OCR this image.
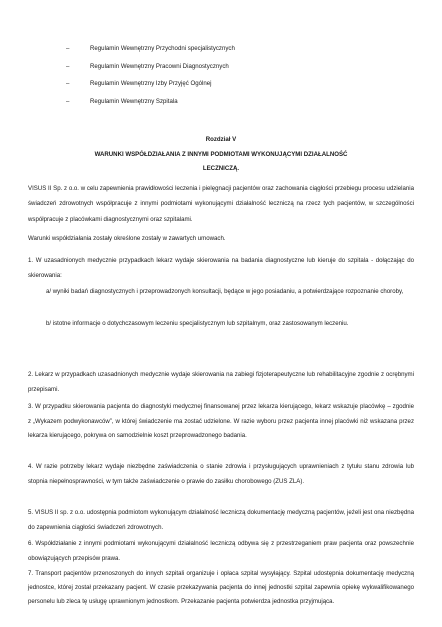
–	Regulamin Wewnętrzny Przychodni specjalistycznych
–	Regulamin Wewnętrzny Pracowni Diagnostycznych
–	Regulamin Wewnętrzny Izby Przyjęć Ogólnej
–	Regulamin Wewnętrzny Szpitala
Rozdział V
WARUNKI WSPÓŁDZIAŁANIA Z INNYMI PODMIOTAMI WYKONUJĄCYMI DZIAŁALNOŚĆ
LECZNICZĄ.
VISUS II Sp. z o.o. w celu zapewnienia prawidłowości leczenia i pielęgnacji pacjentów oraz zachowania ciągłości przebiegu procesu udzielania świadczeń zdrowotnych współpracuje z innymi podmiotami wykonującymi działalność leczniczą na rzecz tych pacjentów, w szczególności współpracuje z placówkami diagnostycznymi oraz szpitalami.
Warunki współdziałania zostały określone zostały w zawartych umowach.
1. W uzasadnionych medycznie przypadkach lekarz wydaje skierowania na badania diagnostyczne lub kieruje do szpitala - dołączając do skierowania:
a/ wyniki badań diagnostycznych i przeprowadzonych konsultacji, będące w jego posiadaniu, a potwierdzające rozpoznanie choroby,
b/ istotne informacje o dotychczasowym leczeniu specjalistycznym lub szpitalnym, oraz zastosowanym leczeniu.
2. Lekarz w przypadkach uzasadnionych medycznie wydaje skierowania na zabiegi fizjoterapeutyczne lub rehabilitacyjne zgodnie z ocrębnymi przepisami.
3. W przypadku skierowania pacjenta do diagnostyki medycznej finansowanej przez lekarza kierującego, lekarz wskazuje placówkę – zgodnie z „Wykazem podwykonawców”, w której świadczenie ma zostać udzielone. W razie wyboru przez pacjenta innej placówki niż wskazana przez lekarza kierującego, pokrywa on samodzielnie koszt przeprowadzonego badania.
4. W razie potrzeby lekarz wydaje niezbędne zaświadczenia o stanie zdrowia i przysługujących uprawnieniach z tytułu stanu zdrowia lub stopnia niepełnosprawności, w tym także zaświadczenie o prawie do zasiłku chorobowego (ZUS ZLA).
5. VISUS II sp. z o.o. udostępnia podmiotom wykonującym działalność leczniczą dokumentację medyczną pacjentów, jeżeli jest ona niezbędna do zapewnienia ciągłości świadczeń zdrowotnych.
6. Współdziałanie z innymi podmiotami wykonującymi działalność leczniczą odbywa się z przestrzeganiem praw pacjenta oraz powszechnie obowiązujących przepisów prawa.
7. Transport pacjentów przenoszonych do innych szpitali organizuje i opłaca szpital wysyłający. Szpital udostępnia dokumentację medyczną jednostce, której został przekazany pacjent. W czasie przekazywania pacjenta do innej jednostki szpital zapewnia opiekę wykwalifikowanego personelu lub zleca tę usługę uprawnionym jednostkom. Przekazanie pacjenta potwierdza jednostka przyjmująca.
